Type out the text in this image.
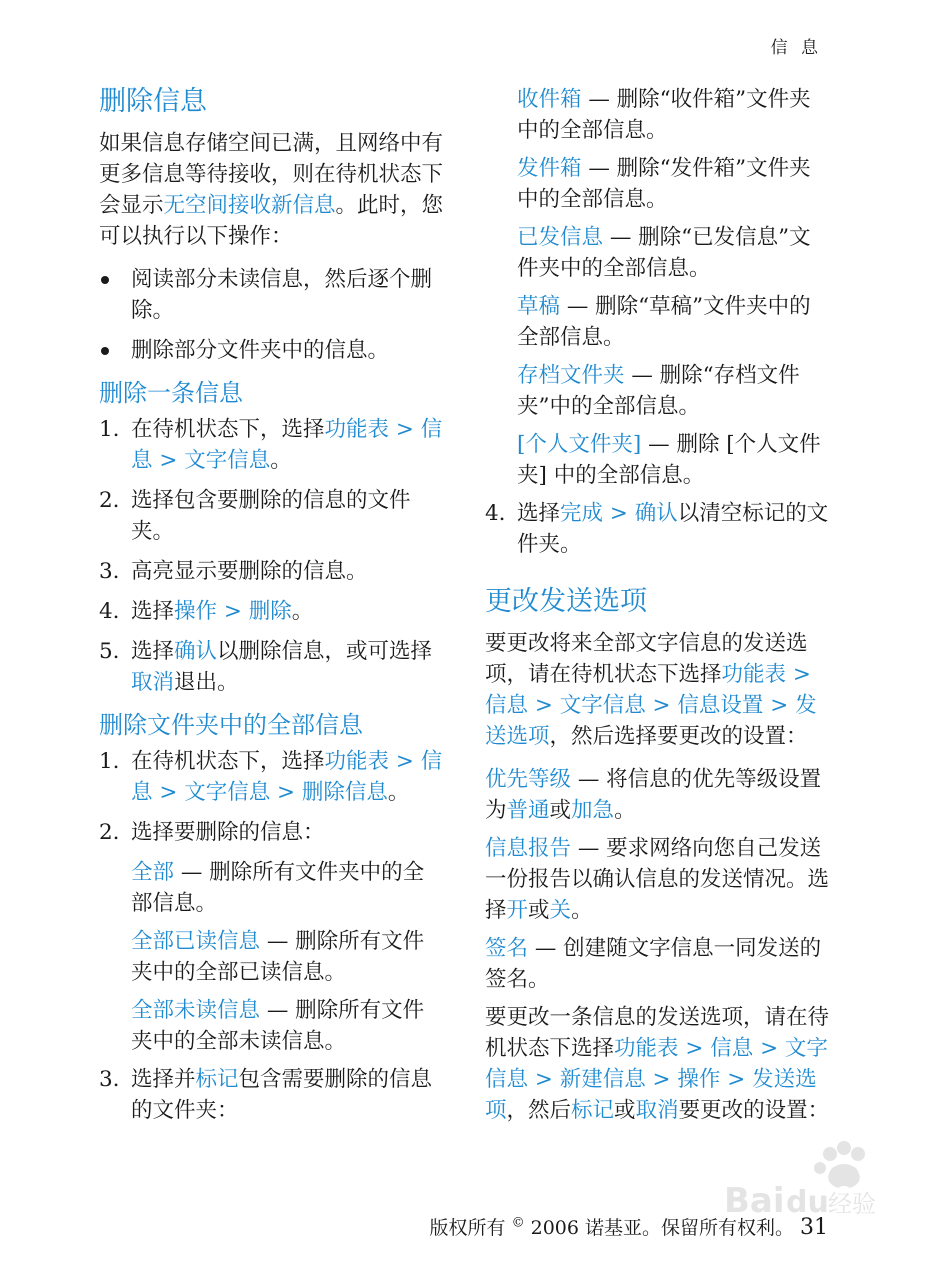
信 息
删除信息

如果信息存储空间已满，且网络中有更多信息等待接收，则在待机状态下会显示无空间接收新信息。此时，您可以执行以下操作：

阅读部分未读信息，然后逐个删除。
删除部分文件夹中的信息。
删除一条信息
1. 在待机状态下，选择功能表 > 信息 > 文字信息。
2. 选择包含要删除的信息的文件夹。
3. 高亮显示要删除的信息。
4. 选择操作 > 删除。
5. 选择确认以删除信息，或可选择取消退出。
删除文件夹中的全部信息
1. 在待机状态下，选择功能表 > 信息 > 文字信息 > 删除信息。
2. 选择要删除的信息：
全部 — 删除所有文件夹中的全部信息。
全部已读信息 — 删除所有文件夹中的全部已读信息。
全部未读信息 — 删除所有文件夹中的全部未读信息。
3. 选择并标记包含需要删除的信息的文件夹：
收件箱 — 删除“收件箱”文件夹中的全部信息。
发件箱 — 删除“发件箱”文件夹中的全部信息。
已发信息 — 删除“已发信息”文件夹中的全部信息。
草稿 — 删除“草稿”文件夹中的全部信息。
存档文件夹 — 删除“存档文件夹”中的全部信息。
[个人文件夹] — 删除 [个人文件夹] 中的全部信息。
4. 选择完成 > 确认以清空标记的文件夹。
更改发送选项

要更改将来全部文字信息的发送选项，请在待机状态下选择功能表 > 信息 > 文字信息 > 信息设置 > 发送选项，然后选择要更改的设置：

优先等级 — 将信息的优先等级设置为普通或加急。
信息报告 — 要求网络向您自己发送一份报告以确认信息的发送情况。选择开或关。
签名 — 创建随文字信息一同发送的签名。

要更改一条信息的发送选项，请在待机状态下选择功能表 > 信息 > 文字信息 > 新建信息 > 操作 > 发送选项，然后标记或取消要更改的设置：

Bai du 经验
版权所有 © 2006 诺基亚。保留所有权利。 31
